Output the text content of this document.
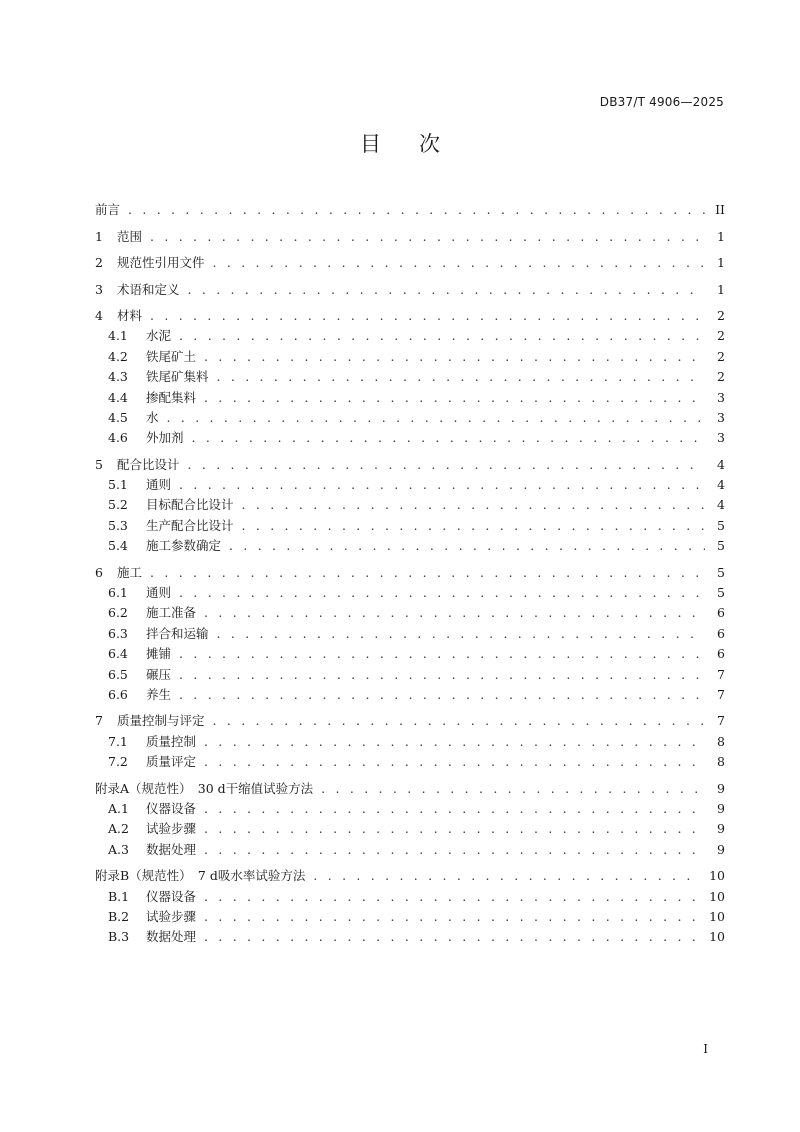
DB37/T 4906—2025
目次
前言 . . .	II
1	范围 . . .	1
2	规范性引用文件 . . .	1
3	术语和定义 . . .	1
4	材料 . . .	2
4.1	水泥 . . .	2
4.2	铁尾矿土 . . .	2
4.3	铁尾矿集料 . . .	2
4.4	掺配集料 . . .	3
4.5	水 . . .	3
4.6	外加剂 . . .	3
5	配合比设计 . . .	4
5.1	通则 . . .	4
5.2	目标配合比设计 . . .	4
5.3	生产配合比设计 . . .	5
5.4	施工参数确定 . . .	5
6	施工 . . .	5
6.1	通则 . . .	5
6.2	施工准备 . . .	6
6.3	拌合和运输 . . .	6
6.4	摊铺 . . .	6
6.5	碾压 . . .	7
6.6	养生 . . .	7
7	质量控制与评定 . . .	7
7.1	质量控制 . . .	8
7.2	质量评定 . . .	8
附录A（规范性）　30 d干缩值试验方法 . . .	9
A.1	仪器设备 . . .	9
A.2	试验步骤 . . .	9
A.3	数据处理 . . .	9
附录B（规范性）　7 d吸水率试验方法 . . .	10
B.1	仪器设备 . . .	10
B.2	试验步骤 . . .	10
B.3	数据处理 . . .	10
I
